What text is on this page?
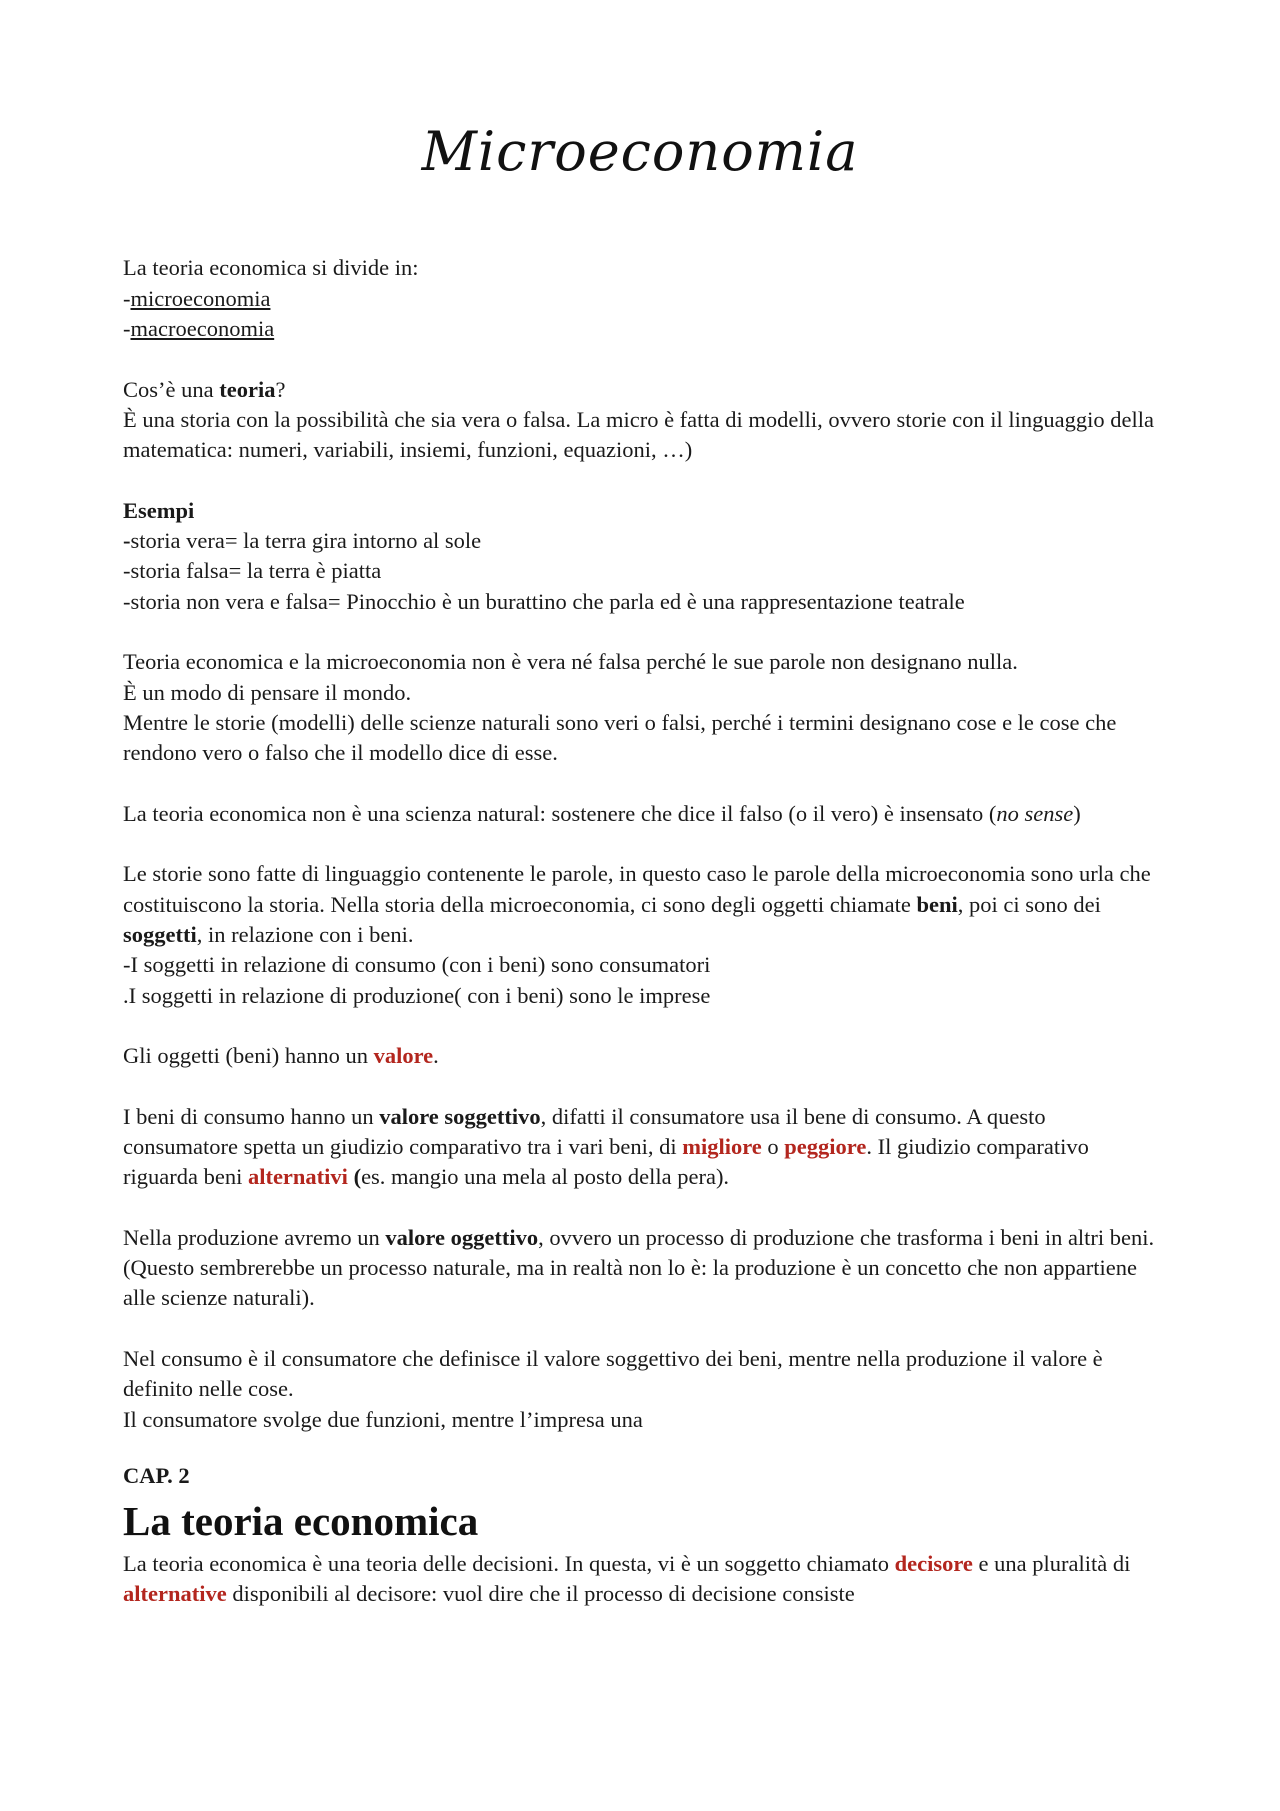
Microeconomia

La teoria economica si divide in:
-microeconomia
-macroeconomia

Cos’è una teoria?
È una storia con la possibilità che sia vera o falsa. La micro è fatta di modelli, ovvero storie con il linguaggio della matematica: numeri, variabili, insiemi, funzioni, equazioni, …)

Esempi
-storia vera= la terra gira intorno al sole
-storia falsa= la terra è piatta
-storia non vera e falsa= Pinocchio è un burattino che parla ed è una rappresentazione teatrale

Teoria economica e la microeconomia non è vera né falsa perché le sue parole non designano nulla.
È un modo di pensare il mondo.
Mentre le storie (modelli) delle scienze naturali sono veri o falsi, perché i termini designano cose e le cose che rendono vero o falso che il modello dice di esse.

La teoria economica non è una scienza natural: sostenere che dice il falso (o il vero) è insensato (no sense)

Le storie sono fatte di linguaggio contenente le parole, in questo caso le parole della microeconomia sono urla che costituiscono la storia. Nella storia della microeconomia, ci sono degli oggetti chiamate beni, poi ci sono dei soggetti, in relazione con i beni.
-I soggetti in relazione di consumo (con i beni) sono consumatori
.I soggetti in relazione di produzione( con i beni) sono le imprese

Gli oggetti (beni) hanno un valore.

I beni di consumo hanno un valore soggettivo, difatti il consumatore usa il bene di consumo. A questo consumatore spetta un giudizio comparativo tra i vari beni, di migliore o peggiore. Il giudizio comparativo riguarda beni alternativi (es. mangio una mela al posto della pera).

Nella produzione avremo un valore oggettivo, ovvero un processo di produzione che trasforma i beni in altri beni.
(Questo sembrerebbe un processo naturale, ma in realtà non lo è: la produzione è un concetto che non appartiene alle scienze naturali).

Nel consumo è il consumatore che definisce il valore soggettivo dei beni, mentre nella produzione il valore è definito nelle cose.
Il consumatore svolge due funzioni, mentre l’impresa una

CAP. 2
La teoria economica

La teoria economica è una teoria delle decisioni. In questa, vi è un soggetto chiamato decisore e una pluralità di alternative disponibili al decisore: vuol dire che il processo di decisione consiste
